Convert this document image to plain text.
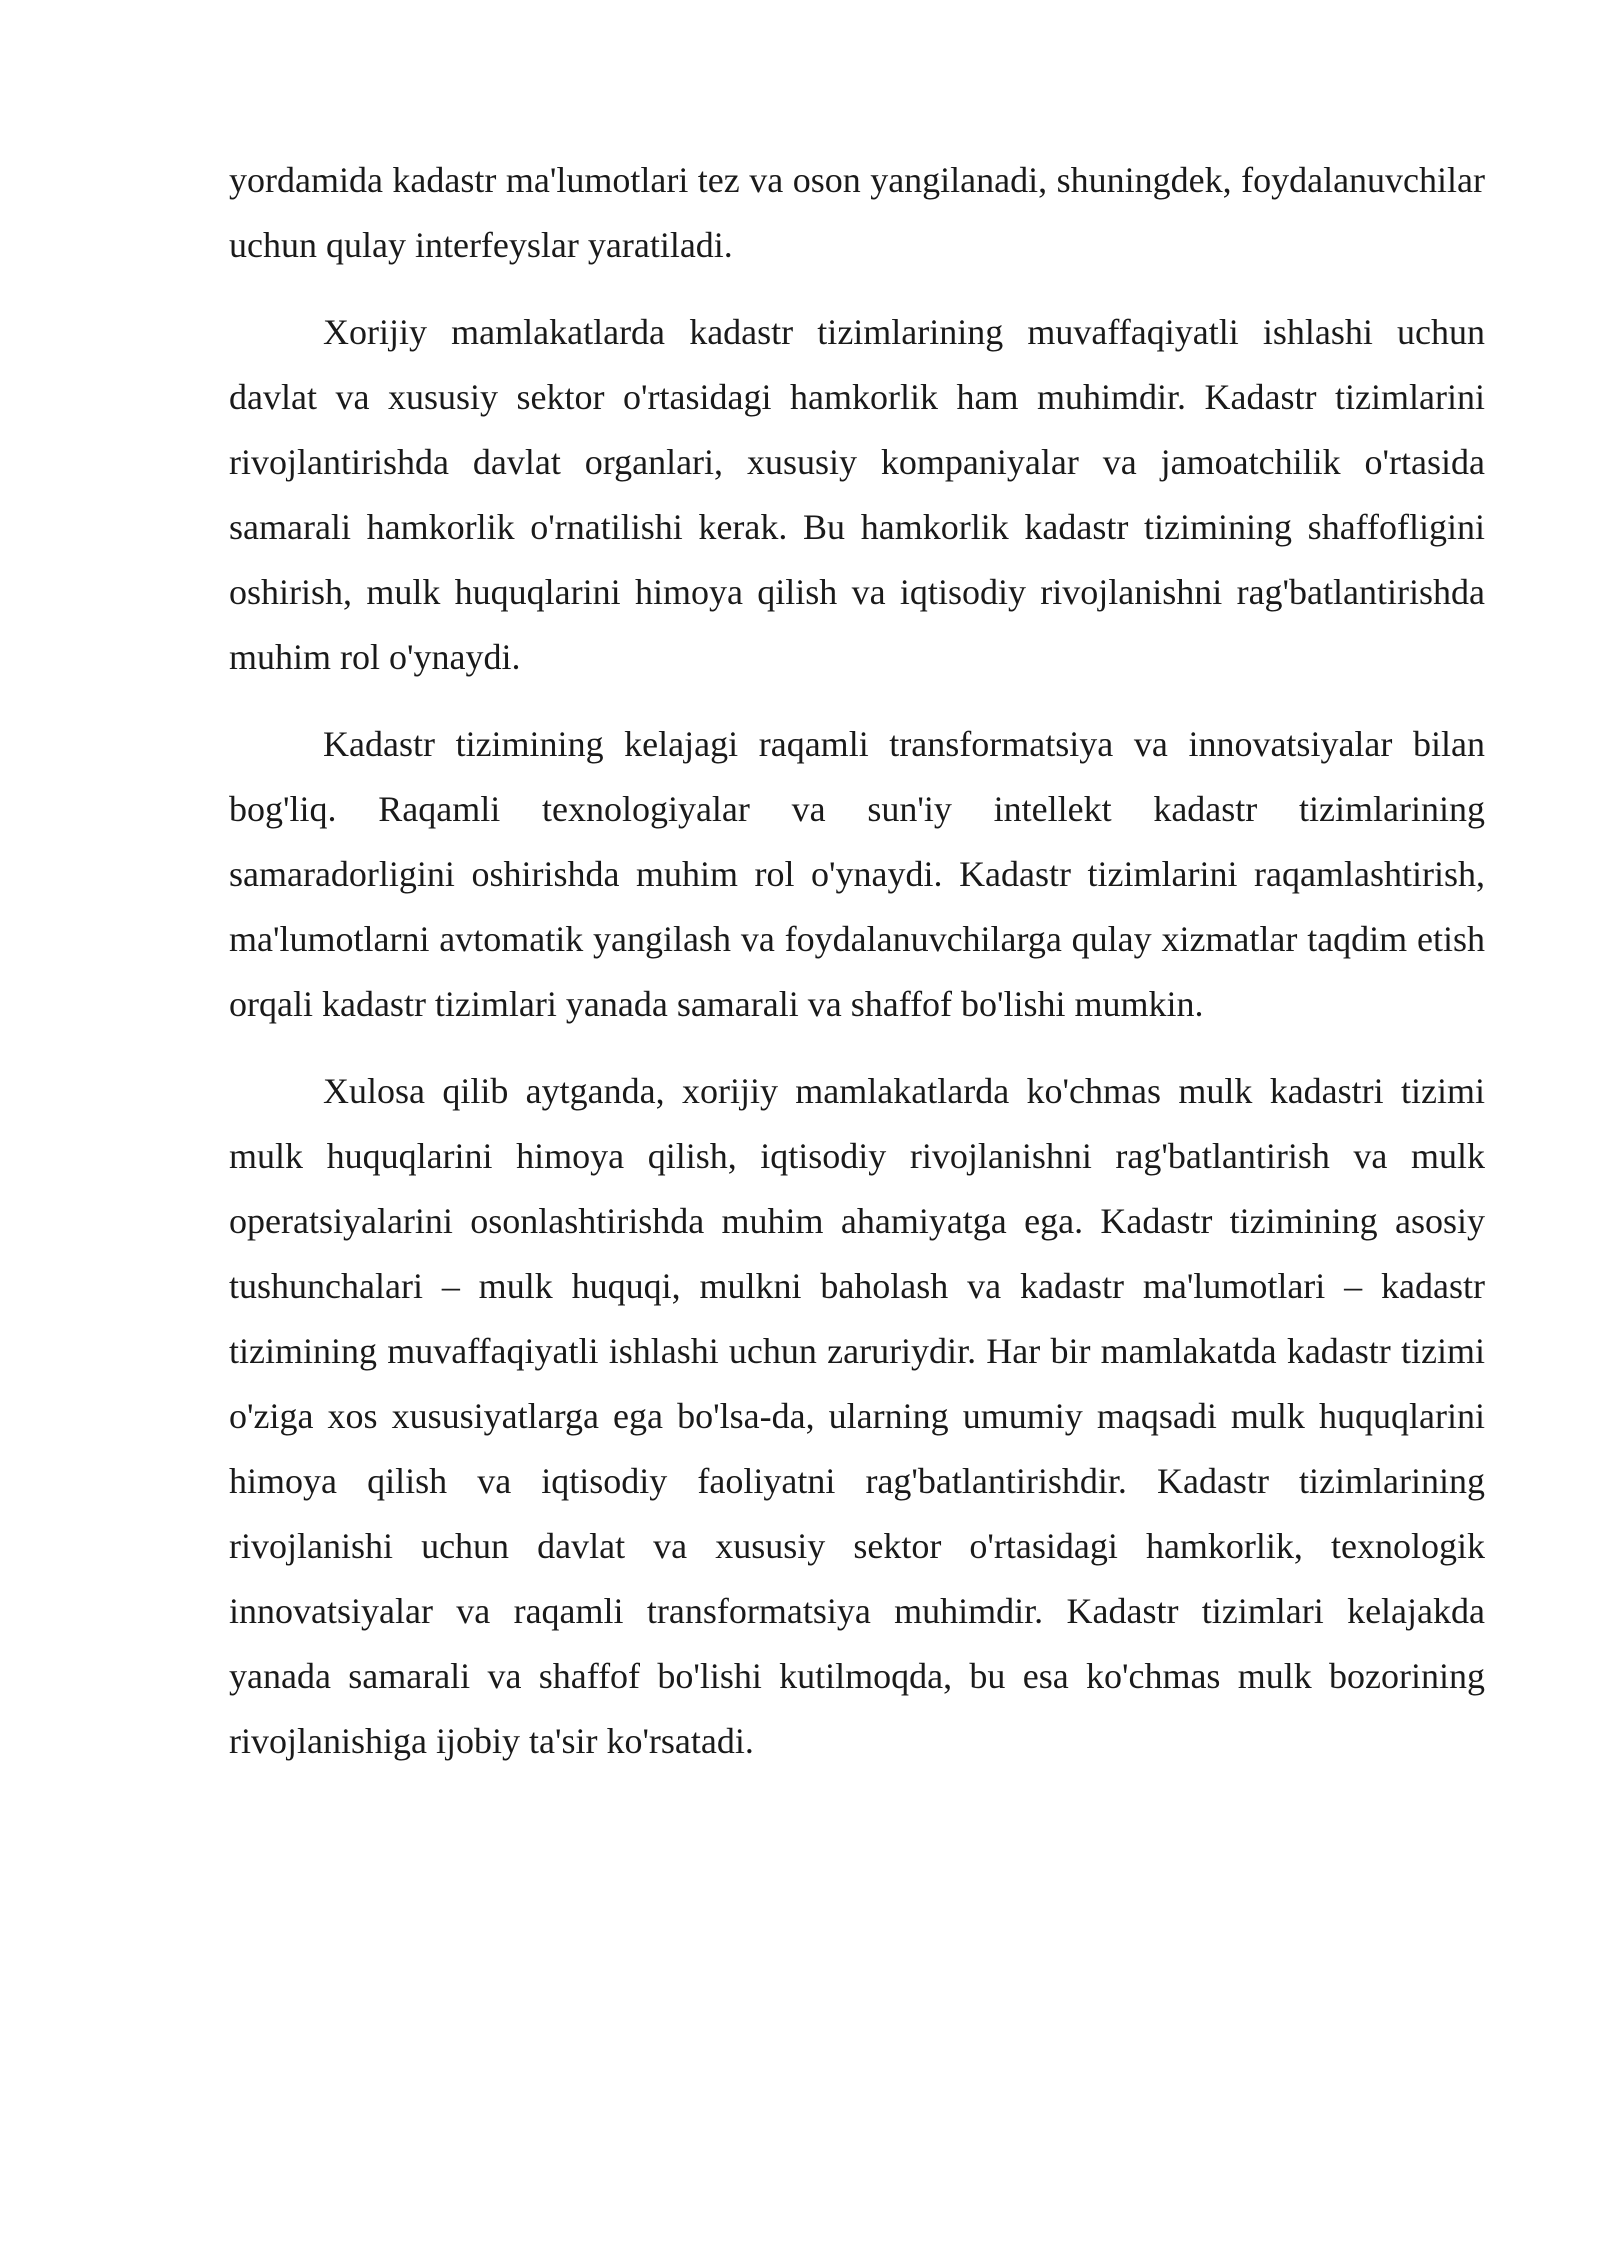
yordamida kadastr ma'lumotlari tez va oson yangilanadi, shuningdek, foydalanuvchilar uchun qulay interfeyslar yaratiladi.

Xorijiy mamlakatlarda kadastr tizimlarining muvaffaqiyatli ishlashi uchun davlat va xususiy sektor o'rtasidagi hamkorlik ham muhimdir. Kadastr tizimlarini rivojlantirishda davlat organlari, xususiy kompaniyalar va jamoatchilik o'rtasida samarali hamkorlik o'rnatilishi kerak. Bu hamkorlik kadastr tizimining shaffofligini oshirish, mulk huquqlarini himoya qilish va iqtisodiy rivojlanishni rag'batlantirishda muhim rol o'ynaydi.

Kadastr tizimining kelajagi raqamli transformatsiya va innovatsiyalar bilan bog'liq. Raqamli texnologiyalar va sun'iy intellekt kadastr tizimlarining samaradorligini oshirishda muhim rol o'ynaydi. Kadastr tizimlarini raqamlashtirish, ma'lumotlarni avtomatik yangilash va foydalanuvchilarga qulay xizmatlar taqdim etish orqali kadastr tizimlari yanada samarali va shaffof bo'lishi mumkin.

Xulosa qilib aytganda, xorijiy mamlakatlarda ko'chmas mulk kadastri tizimi mulk huquqlarini himoya qilish, iqtisodiy rivojlanishni rag'batlantirish va mulk operatsiyalarini osonlashtirishda muhim ahamiyatga ega. Kadastr tizimining asosiy tushunchalari – mulk huquqi, mulkni baholash va kadastr ma'lumotlari – kadastr tizimining muvaffaqiyatli ishlashi uchun zaruriydir. Har bir mamlakatda kadastr tizimi o'ziga xos xususiyatlarga ega bo'lsa-da, ularning umumiy maqsadi mulk huquqlarini himoya qilish va iqtisodiy faoliyatni rag'batlantirishdir. Kadastr tizimlarining rivojlanishi uchun davlat va xususiy sektor o'rtasidagi hamkorlik, texnologik innovatsiyalar va raqamli transformatsiya muhimdir. Kadastr tizimlari kelajakda yanada samarali va shaffof bo'lishi kutilmoqda, bu esa ko'chmas mulk bozorining rivojlanishiga ijobiy ta'sir ko'rsatadi.
